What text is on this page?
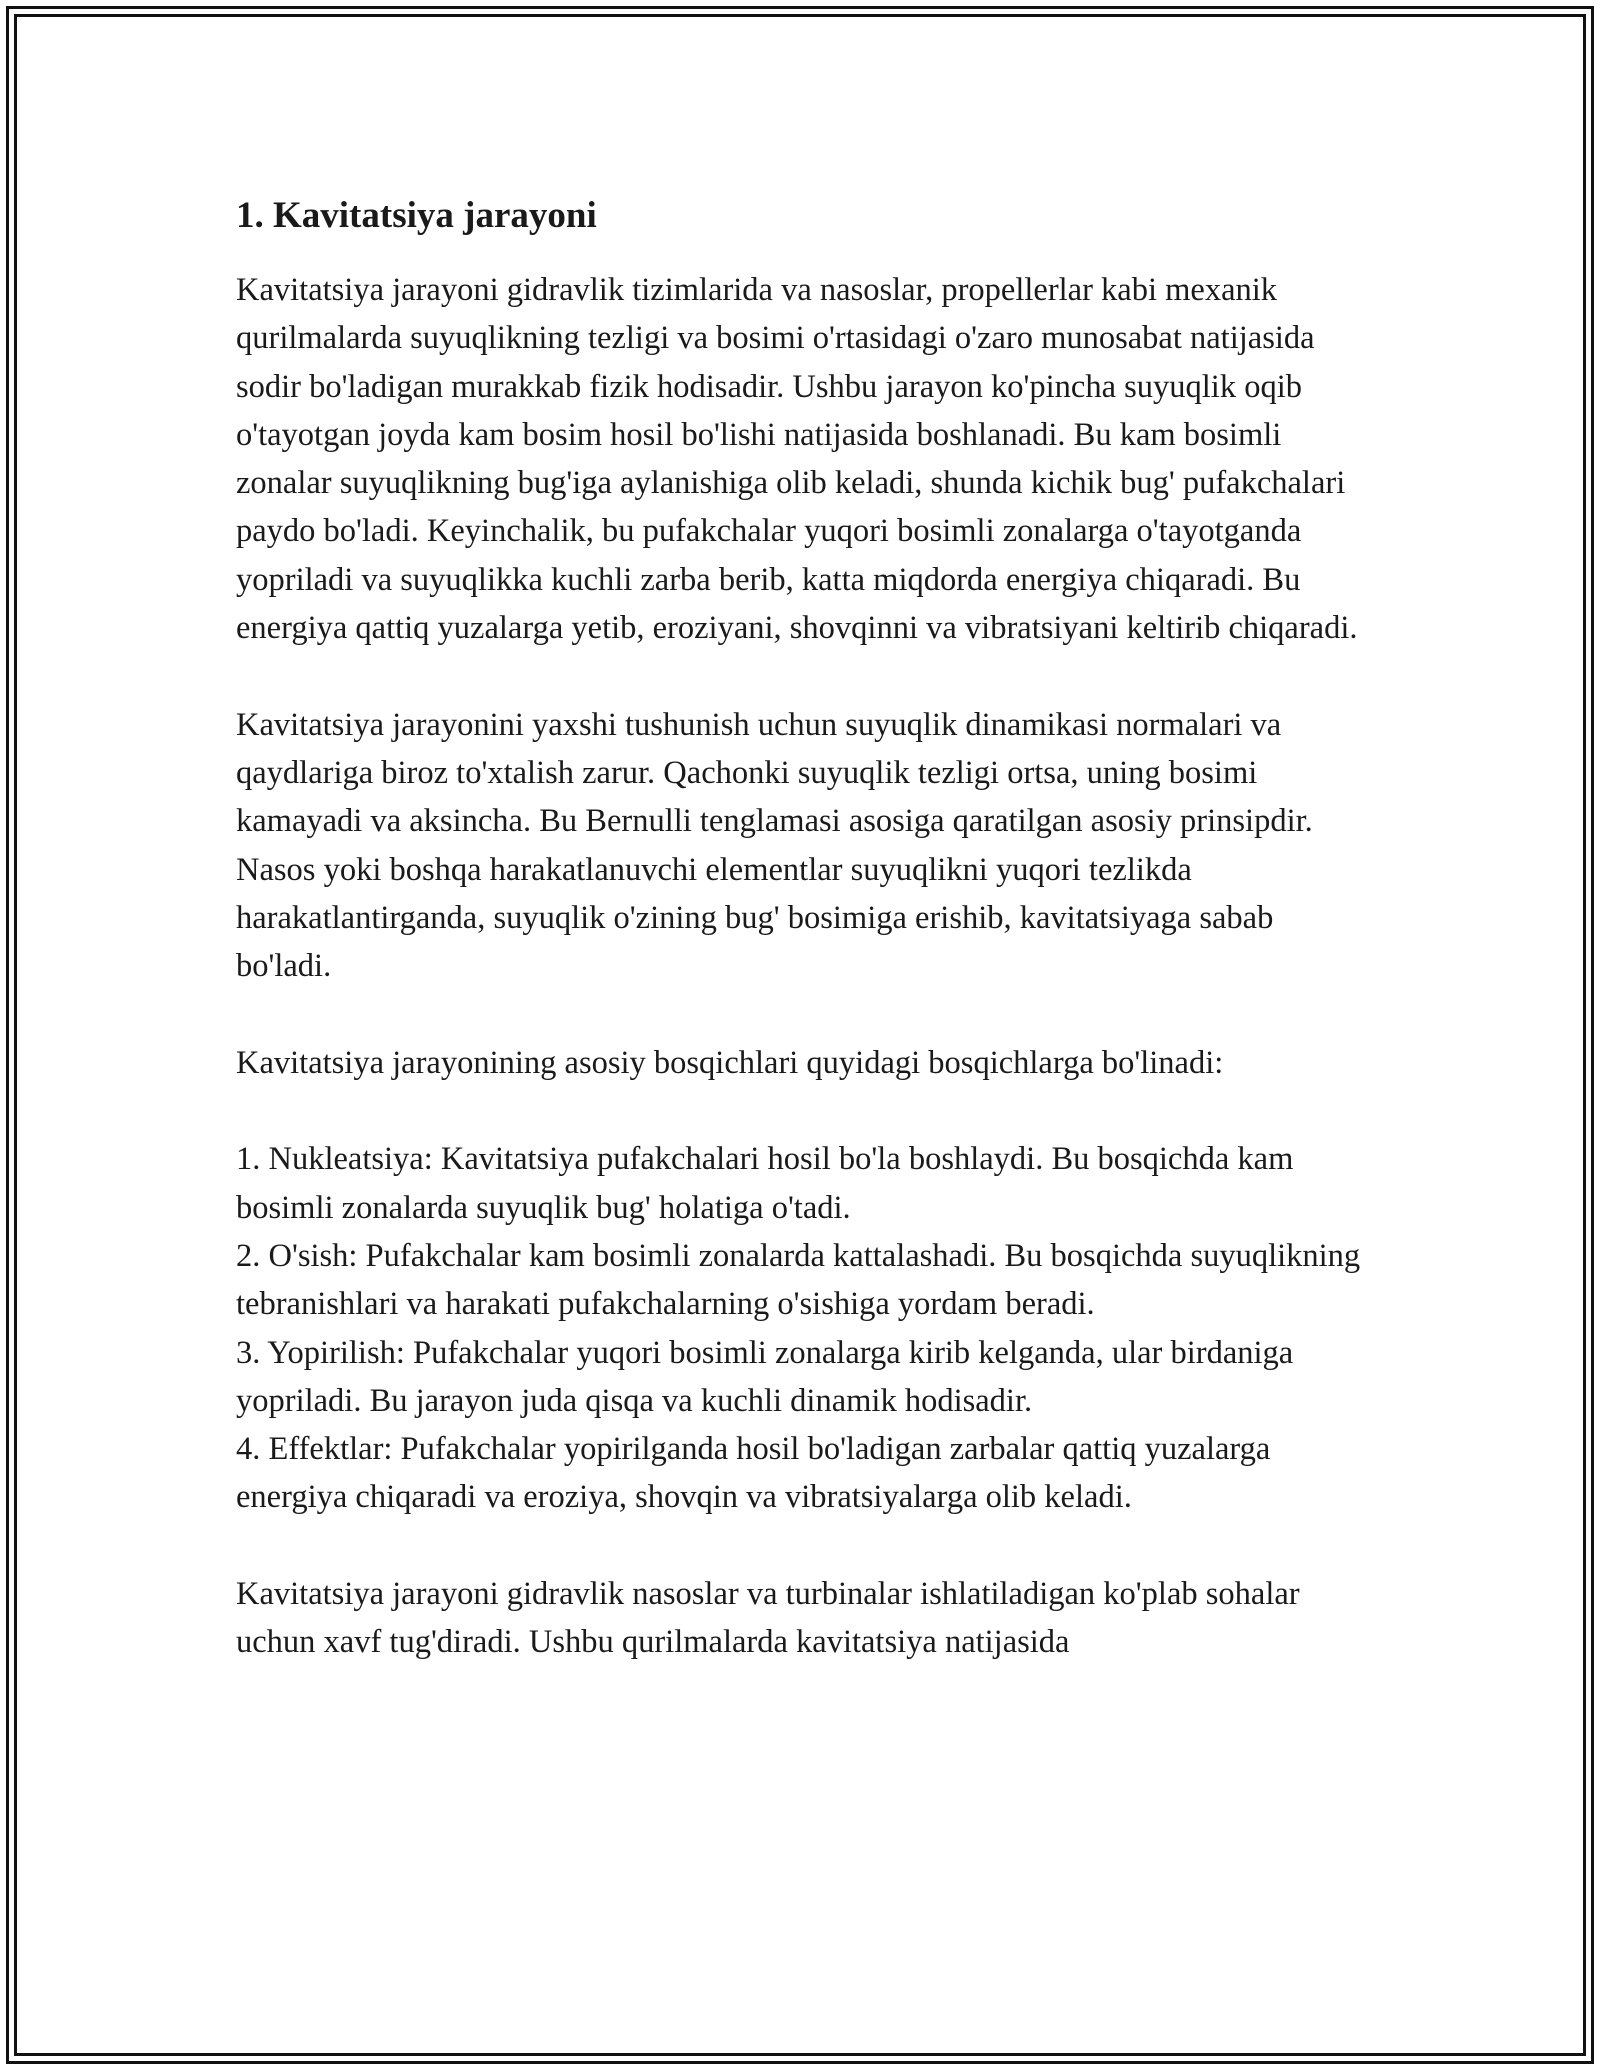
1. Kavitatsiya jarayoni

Kavitatsiya jarayoni gidravlik tizimlarida va nasoslar, propellerlar kabi mexanik qurilmalarda suyuqlikning tezligi va bosimi o'rtasidagi o'zaro munosabat natijasida sodir bo'ladigan murakkab fizik hodisadir. Ushbu jarayon ko'pincha suyuqlik oqib o'tayotgan joyda kam bosim hosil bo'lishi natijasida boshlanadi. Bu kam bosimli zonalar suyuqlikning bug'iga aylanishiga olib keladi, shunda kichik bug' pufakchalari paydo bo'ladi. Keyinchalik, bu pufakchalar yuqori bosimli zonalarga o'tayotganda yopriladi va suyuqlikka kuchli zarba berib, katta miqdorda energiya chiqaradi. Bu energiya qattiq yuzalarga yetib, eroziyani, shovqinni va vibratsiyani keltirib chiqaradi.

Kavitatsiya jarayonini yaxshi tushunish uchun suyuqlik dinamikasi normalari va qaydlariga biroz to'xtalish zarur. Qachonki suyuqlik tezligi ortsa, uning bosimi kamayadi va aksincha. Bu Bernulli tenglamasi asosiga qaratilgan asosiy prinsipdir. Nasos yoki boshqa harakatlanuvchi elementlar suyuqlikni yuqori tezlikda harakatlantirganda, suyuqlik o'zining bug' bosimiga erishib, kavitatsiyaga sabab bo'ladi.

Kavitatsiya jarayonining asosiy bosqichlari quyidagi bosqichlarga bo'linadi:

1. Nukleatsiya: Kavitatsiya pufakchalari hosil bo'la boshlaydi. Bu bosqichda kam bosimli zonalarda suyuqlik bug' holatiga o'tadi.

2. O'sish: Pufakchalar kam bosimli zonalarda kattalashadi. Bu bosqichda suyuqlikning tebranishlari va harakati pufakchalarning o'sishiga yordam beradi.

3. Yopirilish: Pufakchalar yuqori bosimli zonalarga kirib kelganda, ular birdaniga yopriladi. Bu jarayon juda qisqa va kuchli dinamik hodisadir.

4. Effektlar: Pufakchalar yopirilganda hosil bo'ladigan zarbalar qattiq yuzalarga energiya chiqaradi va eroziya, shovqin va vibratsiyalarga olib keladi.

Kavitatsiya jarayoni gidravlik nasoslar va turbinalar ishlatiladigan ko'plab sohalar uchun xavf tug'diradi. Ushbu qurilmalarda kavitatsiya natijasida
